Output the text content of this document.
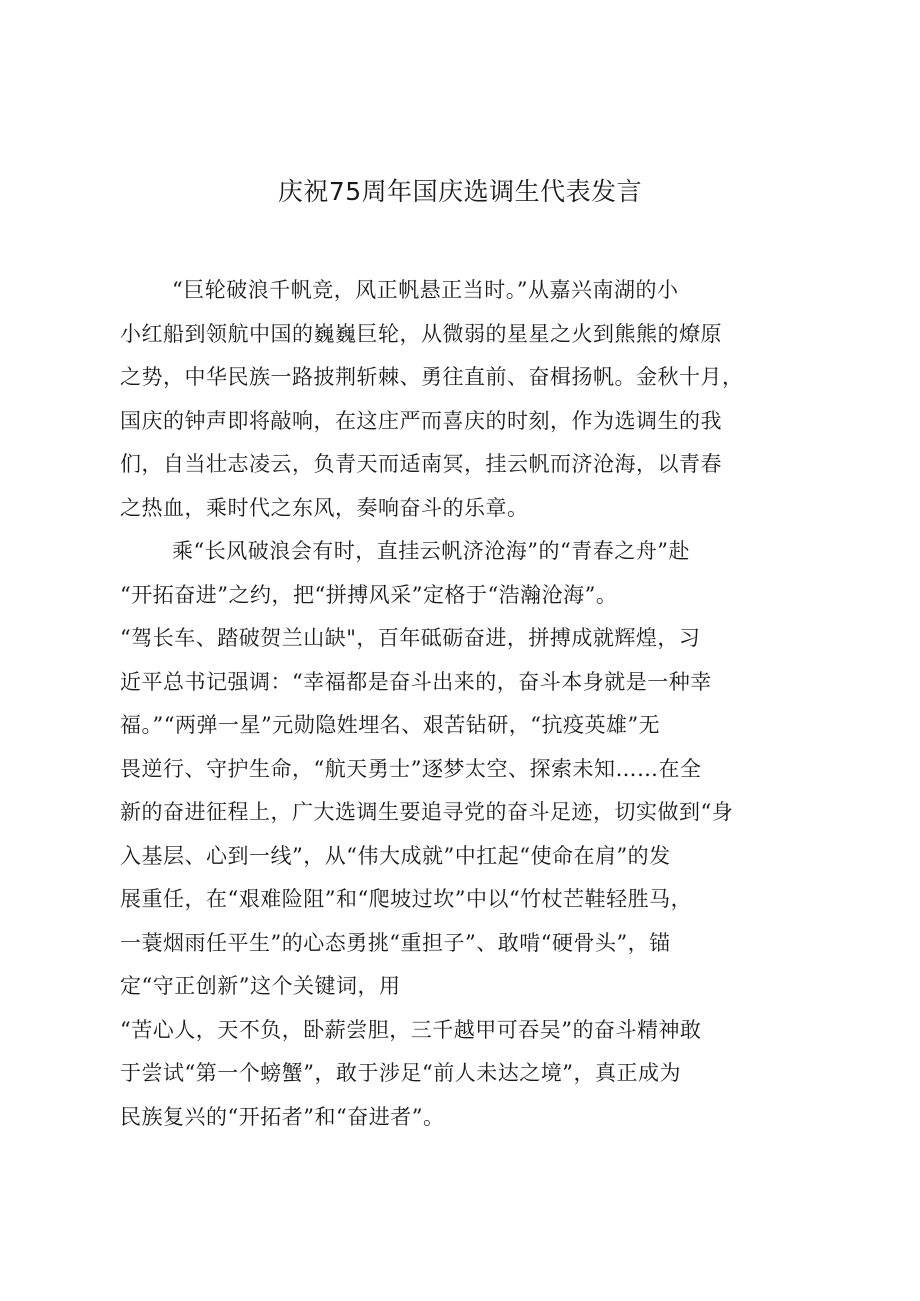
庆祝75周年国庆选调生代表发言
“巨轮破浪千帆竞，风正帆悬正当时。”从嘉兴南湖的小
小红船到领航中国的巍巍巨轮，从微弱的星星之火到熊熊的燎原
之势，中华民族一路披荆斩棘、勇往直前、奋楫扬帆。金秋十月，
国庆的钟声即将敲响，在这庄严而喜庆的时刻，作为选调生的我
们，自当壮志凌云，负青天而适南冥，挂云帆而济沧海，以青春
之热血，乘时代之东风，奏响奋斗的乐章。
乘“长风破浪会有时，直挂云帆济沧海”的“青春之舟”赴
“开拓奋进”之约，把“拼搏风采”定格于“浩瀚沧海”。
“驾长车、踏破贺兰山缺"，百年砥砺奋进，拼搏成就辉煌，习
近平总书记强调：“幸福都是奋斗出来的，奋斗本身就是一种幸
福。”“两弹一星”元勋隐姓埋名、艰苦钻研，“抗疫英雄”无
畏逆行、守护生命，“航天勇士”逐梦太空、探索未知……在全
新的奋进征程上，广大选调生要追寻党的奋斗足迹，切实做到“身
入基层、心到一线”，从“伟大成就”中扛起“使命在肩”的发
展重任，在“艰难险阻”和“爬坡过坎”中以“竹杖芒鞋轻胜马，
一蓑烟雨任平生”的心态勇挑“重担子”、敢啃“硬骨头”，锚
定“守正创新”这个关键词，用
“苦心人，天不负，卧薪尝胆，三千越甲可吞吴”的奋斗精神敢
于尝试“第一个螃蟹”，敢于涉足“前人未达之境”，真正成为
民族复兴的“开拓者”和“奋进者”。
